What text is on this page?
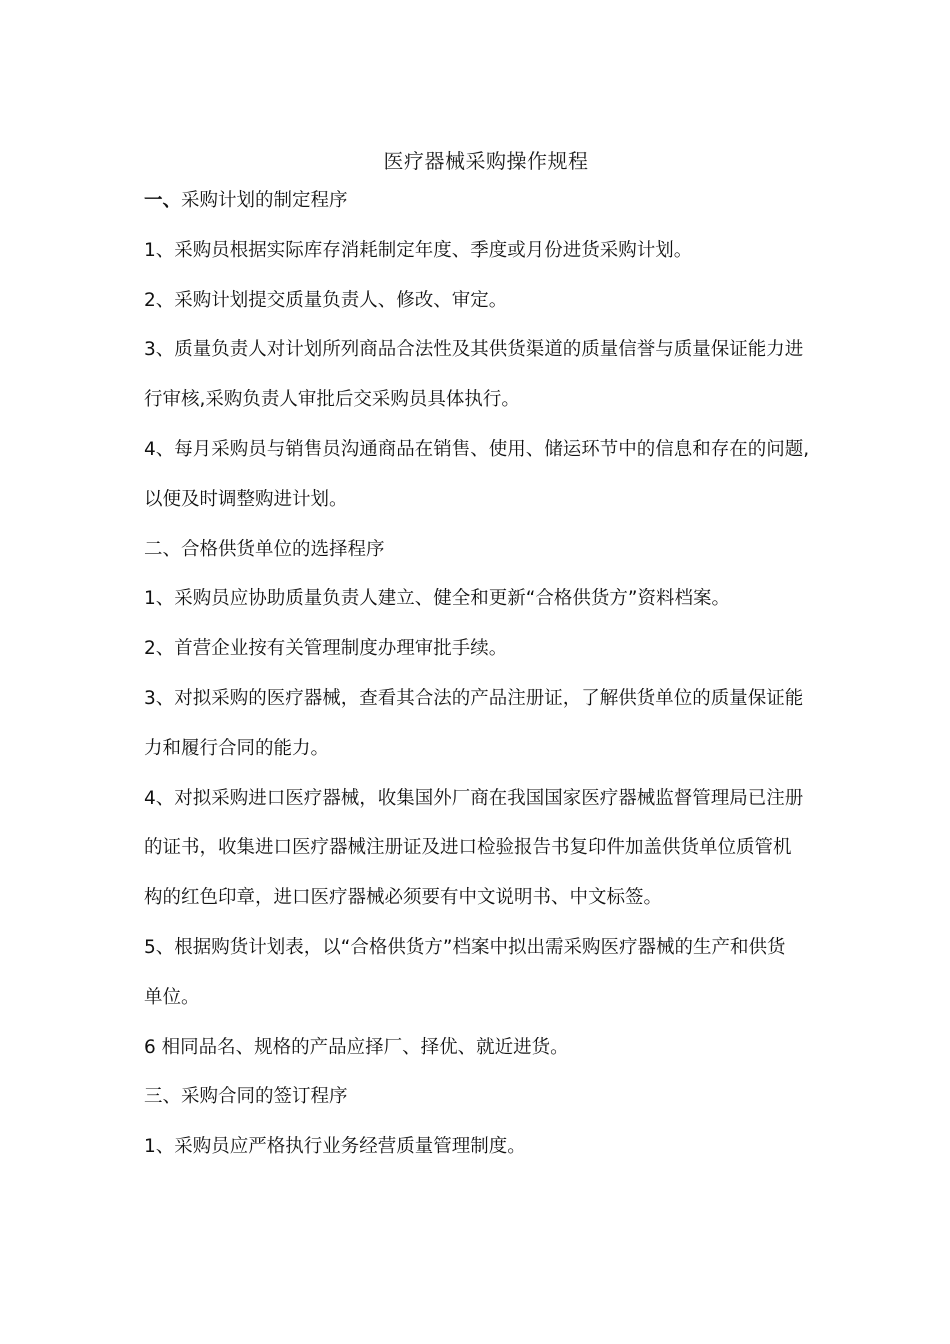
医疗器械采购操作规程
一、采购计划的制定程序
1、采购员根据实际库存消耗制定年度、季度或月份进货采购计划。
2、采购计划提交质量负责人、修改、审定。
3、质量负责人对计划所列商品合法性及其供货渠道的质量信誉与质量保证能力进
行审核,采购负责人审批后交采购员具体执行。
4、每月采购员与销售员沟通商品在销售、使用、储运环节中的信息和存在的问题,
以便及时调整购进计划。
二、合格供货单位的选择程序
1、采购员应协助质量负责人建立、健全和更新“合格供货方”资料档案。
2、首营企业按有关管理制度办理审批手续。
3、对拟采购的医疗器械，查看其合法的产品注册证，了解供货单位的质量保证能
力和履行合同的能力。
4、对拟采购进口医疗器械，收集国外厂商在我国国家医疗器械监督管理局已注册
的证书，收集进口医疗器械注册证及进口检验报告书复印件加盖供货单位质管机
构的红色印章，进口医疗器械必须要有中文说明书、中文标签。
5、根据购货计划表，以“合格供货方”档案中拟出需采购医疗器械的生产和供货
单位。
6 相同品名、规格的产品应择厂、择优、就近进货。
三、采购合同的签订程序
1、采购员应严格执行业务经营质量管理制度。
